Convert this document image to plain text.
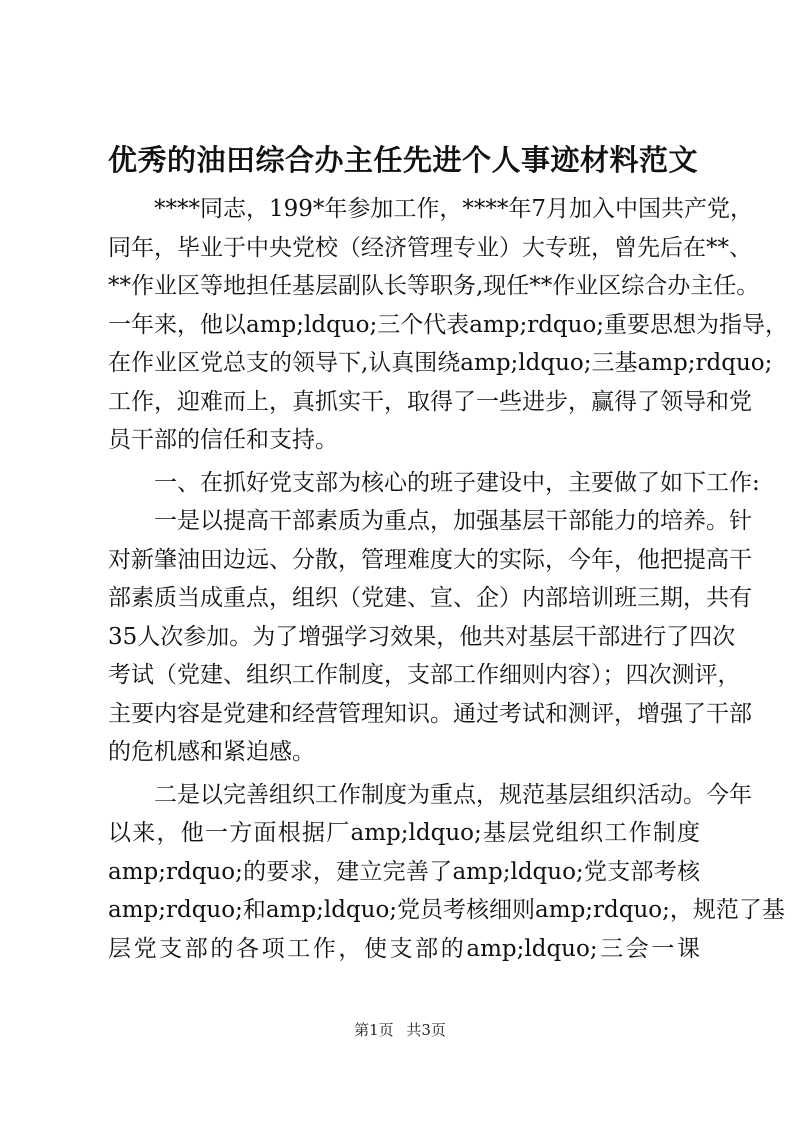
优秀的油田综合办主任先进个人事迹材料范文
****同志，199*年参加工作，****年7月加入中国共产党，
同年，毕业于中央党校（经济管理专业）大专班，曾先后在**、
**作业区等地担任基层副队长等职务,现任**作业区综合办主任。
一年来，他以amp;ldquo;三个代表amp;rdquo;重要思想为指导，
在作业区党总支的领导下,认真围绕amp;ldquo;三基amp;rdquo;
工作，迎难而上，真抓实干，取得了一些进步，赢得了领导和党
员干部的信任和支持。
一、在抓好党支部为核心的班子建设中，主要做了如下工作:
一是以提高干部素质为重点，加强基层干部能力的培养。针
对新肇油田边远、分散，管理难度大的实际，今年，他把提高干
部素质当成重点，组织（党建、宣、企）内部培训班三期，共有
35人次参加。为了增强学习效果，他共对基层干部进行了四次
考试（党建、组织工作制度，支部工作细则内容）；四次测评，
主要内容是党建和经营管理知识。通过考试和测评，增强了干部
的危机感和紧迫感。
二是以完善组织工作制度为重点，规范基层组织活动。今年
以来，他一方面根据厂amp;ldquo;基层党组织工作制度
amp;rdquo;的要求，建立完善了amp;ldquo;党支部考核
amp;rdquo;和amp;ldquo;党员考核细则amp;rdquo;，规范了基
层党支部的各项工作，使支部的amp;ldquo;三会一课
第1页 共3页
